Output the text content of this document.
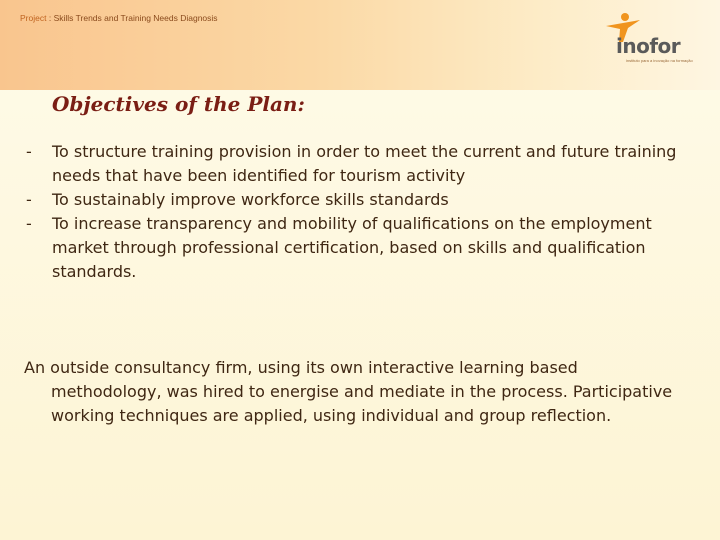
Project : Skills Trends and Training Needs Diagnosis
inofor
instituto para a inovação na formação
Objectives of the Plan:
- To structure training provision in order to meet the current and future training needs that have been identified for tourism activity
- To sustainably improve workforce skills standards
- To increase transparency and mobility of qualifications on the employment market through professional certification, based on skills and qualification standards.

An outside consultancy firm, using its own interactive learning based methodology, was hired to energise and mediate in the process. Participative working techniques are applied, using individual and group reflection.
